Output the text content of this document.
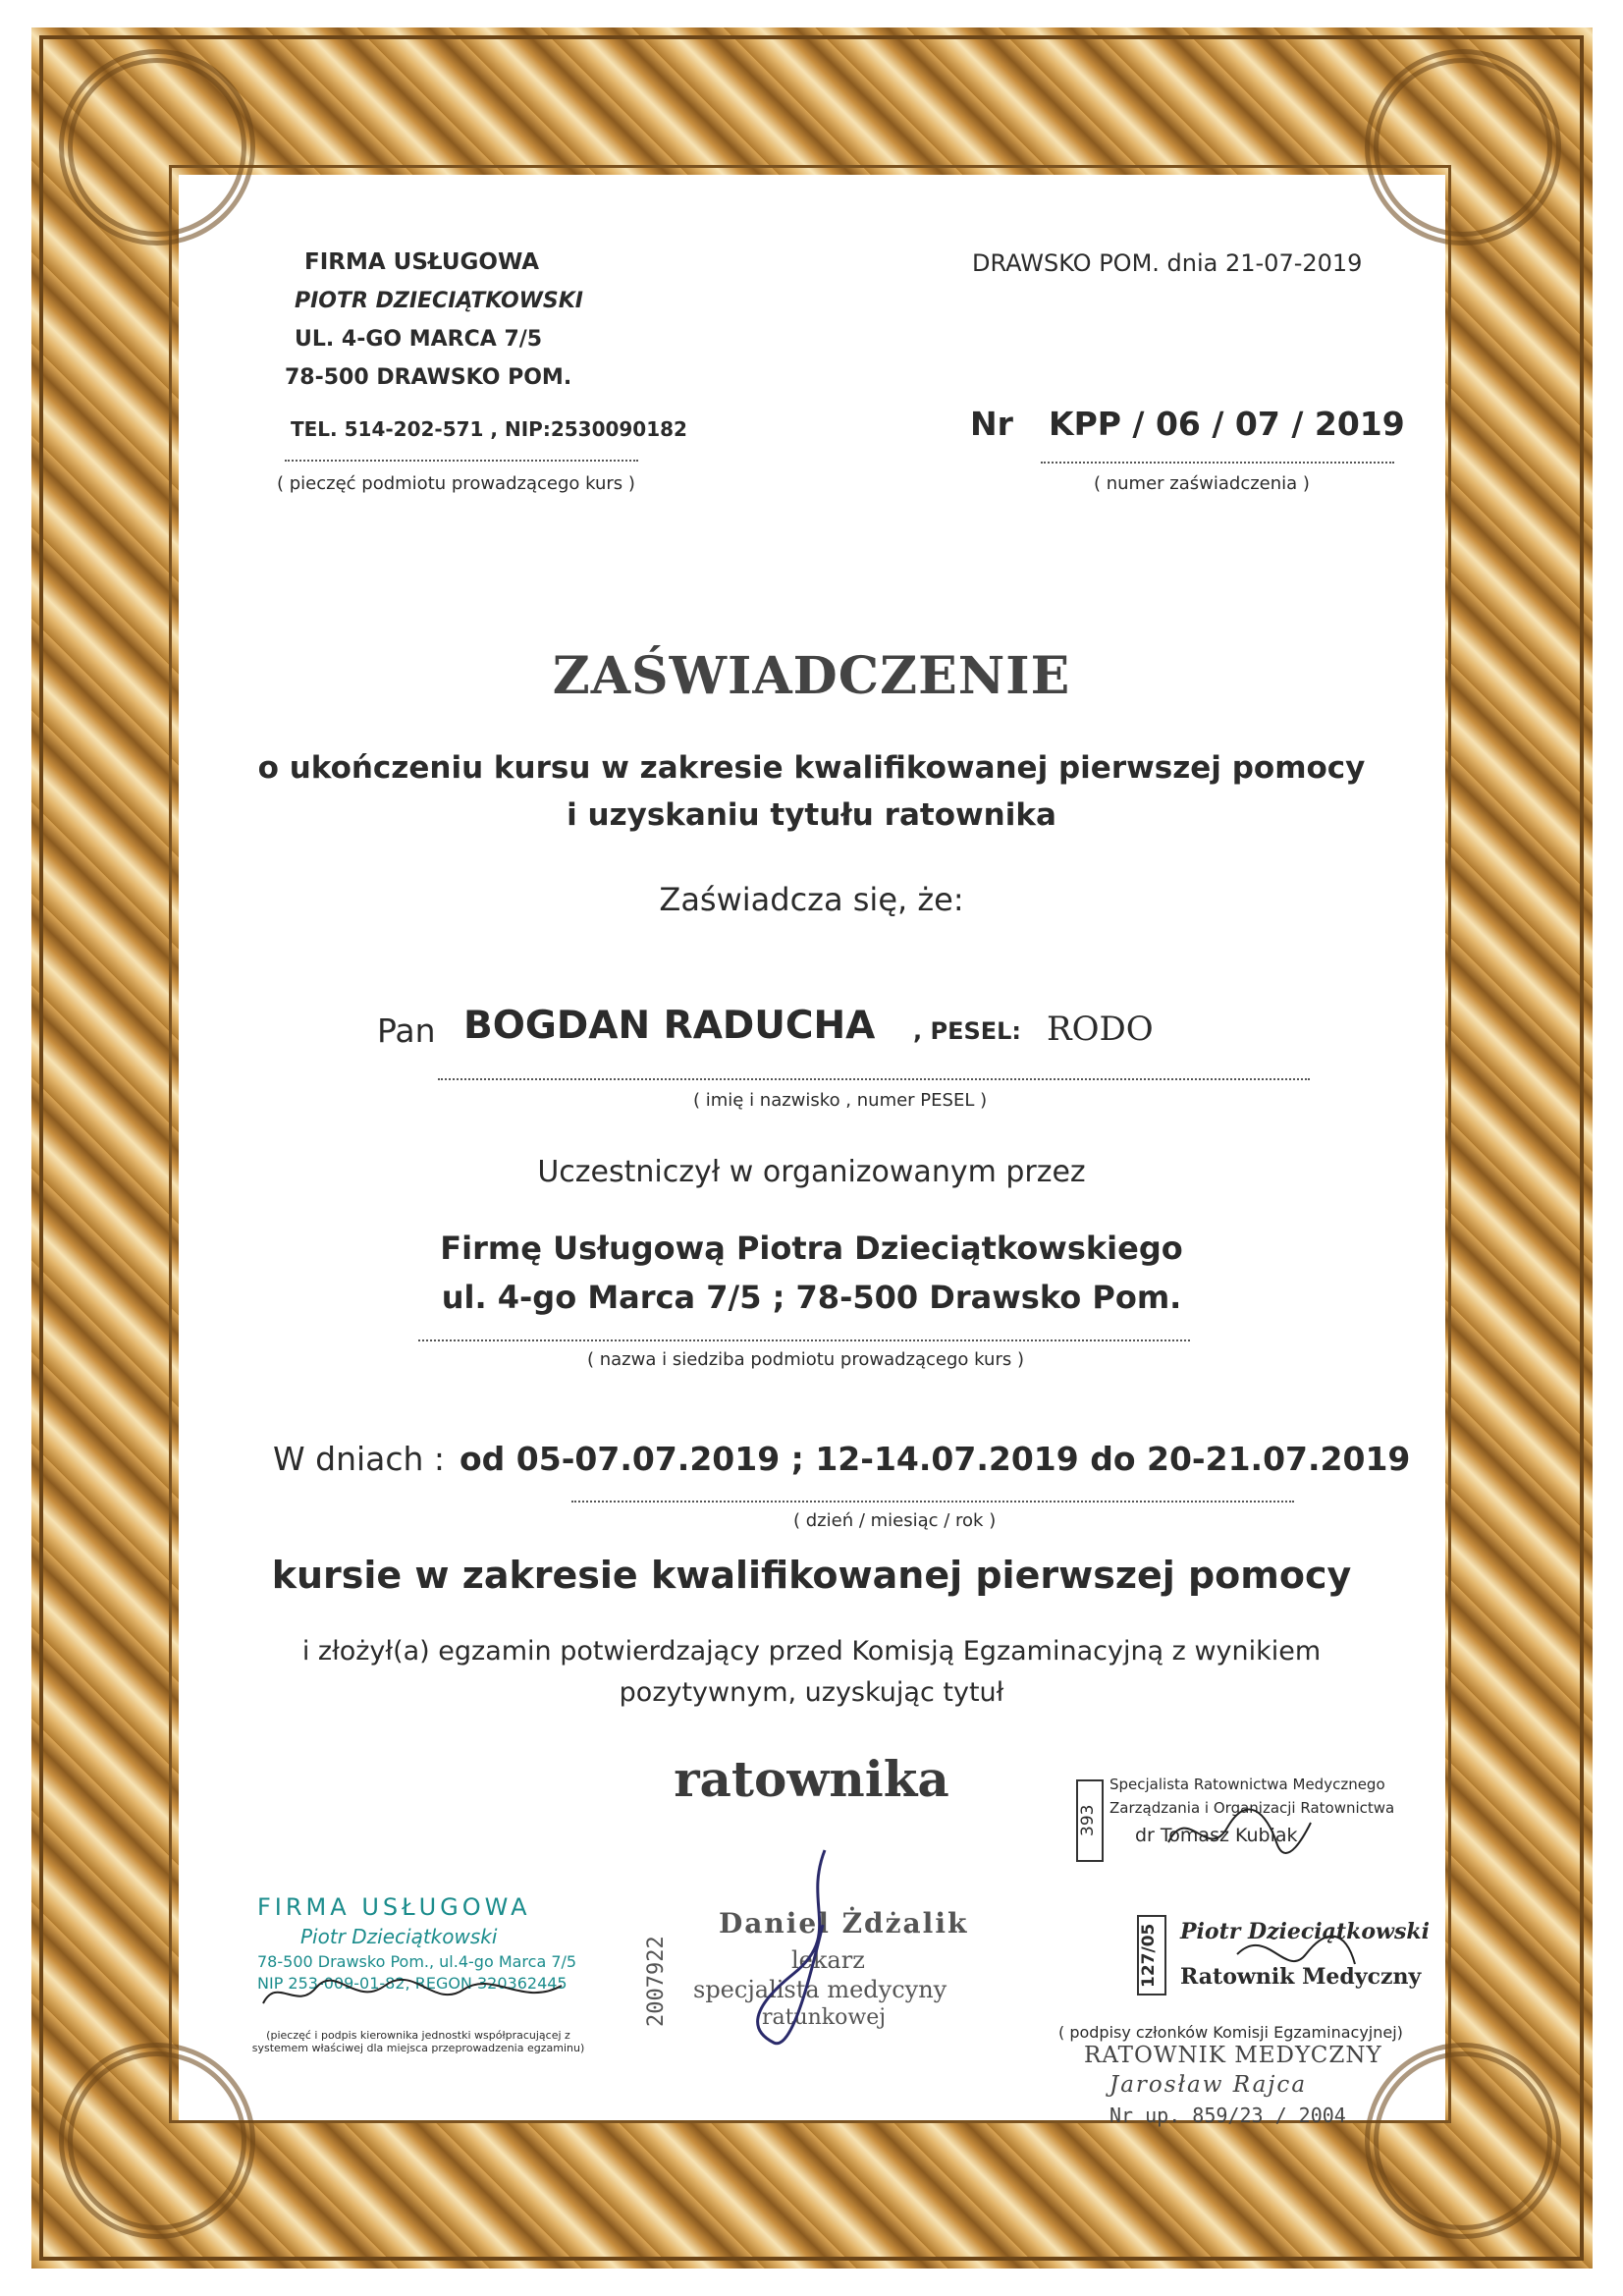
FIRMA USŁUGOWA
PIOTR DZIECIĄTKOWSKI
UL. 4-GO MARCA 7/5
78-500 DRAWSKO POM.
TEL. 514-202-571 , NIP:2530090182
( pieczęć podmiotu prowadzącego kurs )
DRAWSKO POM. dnia 21-07-2019
Nr KPP / 06 / 07 / 2019
( numer zaświadczenia )
ZAŚWIADCZENIE
o ukończeniu kursu w zakresie kwalifikowanej pierwszej pomocy
i uzyskaniu tytułu ratownika
Zaświadcza się, że:
Pan BOGDAN RADUCHA , PESEL: RODO
( imię i nazwisko , numer PESEL )
Uczestniczył w organizowanym przez
Firmę Usługową Piotra Dzieciątkowskiego
ul. 4-go Marca 7/5 ; 78-500 Drawsko Pom.
( nazwa i siedziba podmiotu prowadzącego kurs )
W dniach : od 05-07.07.2019 ; 12-14.07.2019 do 20-21.07.2019
( dzień / miesiąc / rok )
kursie w zakresie kwalifikowanej pierwszej pomocy
i złożył(a) egzamin potwierdzający przed Komisją Egzaminacyjną z wynikiem
pozytywnym, uzyskując tytuł
ratownika
393
Specjalista Ratownictwa Medycznego
Zarządzania i Organizacji Ratownictwa
dr Tomasz Kubiak
FIRMA USŁUGOWA
Piotr Dzieciątkowski
78-500 Drawsko Pom., ul.4-go Marca 7/5
NIP 253-009-01-82, REGON 320362445
(pieczęć i podpis kierownika jednostki współpracującej z systemem właściwej dla miejsca przeprowadzenia egzaminu)
2007922
Daniel Żdżalik
lekarz
specjalista medycyny
ratunkowej
127/05	Piotr Dzieciątkowski
Ratownik Medyczny
( podpisy członków Komisji Egzaminacyjnej)
RATOWNIK MEDYCZNY
Jarosław Rajca
Nr up. 859/23 / 2004
